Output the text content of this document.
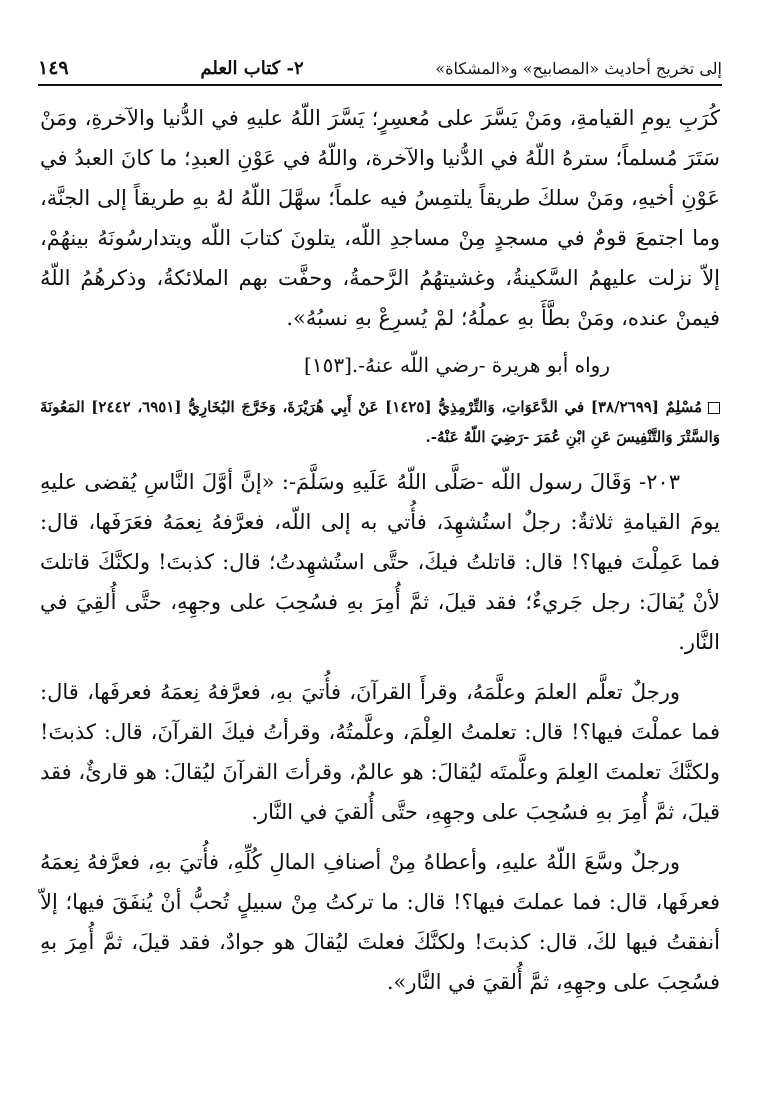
إلى تخريج أحاديث «المصابيح» و«المشكاة»
٢- كتاب العلم
١٤٩

كُرَبِ يومِ القيامةِ، ومَنْ يَسَّرَ على مُعسِرٍ؛ يَسَّرَ اللّهُ عليهِ في الدُّنيا والآخرةِ، ومَنْ سَتَرَ مُسلماً؛ سترهُ اللّهُ في الدُّنيا والآخرة، واللّهُ في عَوْنِ العبدِ؛ ما كانَ العبدُ في عَوْنِ أخيهِ، ومَنْ سلكَ طريقاً يلتمِسُ فيه علماً؛ سهَّلَ اللّهُ لهُ بهِ طريقاً إلى الجنَّة، وما اجتمعَ قومٌ في مسجدٍ مِنْ مساجدِ اللّه، يتلونَ كتابَ اللّه ويتدارسُونَهُ بينهُمْ، إلاّ نزلت عليهمُ السَّكينةُ، وغشيتهُمُ الرَّحمةُ، وحفَّت بهم الملائكةُ، وذكرهُمُ اللّهُ فيمنْ عنده، ومَنْ بطَّأَ بهِ عملُهُ؛ لمْ يُسرِعْ بهِ نسبُهُ».

رواه أبو هريرة -رضي اللّه عنهُ-.[١٥٣]

مُسْلِمٌ [٣٨/٢٦٩٩] في الدَّعَوَاتِ، وَالتِّرْمِذِيُّ [١٤٢٥] عَنْ أَبِي هُرَيْرَةَ، وَخَرَّجَ البُخَارِيُّ [٦٩٥١، ٢٤٤٢] المَعُونَةَ وَالسَّتْرَ وَالتَّنْفِيسَ عَنِ ابْنِ عُمَرَ -رَضِيَ اللّهُ عَنْهُ-.

٢٠٣- وَقَالَ رسول اللّه -صَلَّى اللّهُ عَلَيهِ وسَلَّمَ-: «إنَّ أوَّلَ النَّاسِ يُقضى عليهِ يومَ القيامةِ ثلاثةٌ: رجلٌ استُشهِدَ، فأُتي به إلى اللّه، فعرَّفهُ نِعمَهُ فعَرَفَها، قال: فما عَمِلْتَ فيها؟! قال: قاتلتُ فيكَ، حتَّى استُشهِدتُ؛ قال: كذبتَ! ولكنَّكَ قاتلتَ لأنْ يُقالَ: رجل جَريءٌ؛ فقد قيلَ، ثمَّ أُمِرَ بهِ فسُحِبَ على وجهِهِ، حتَّى أُلقِيَ في النَّار.

ورجلٌ تعلَّم العلمَ وعلَّمَهُ، وقرأَ القرآنَ، فأُتيَ بهِ، فعرَّفهُ نِعمَهُ فعرفَها، قال: فما عملْتَ فيها؟! قال: تعلمتُ العِلْمَ، وعلَّمتُهُ، وقرأتُ فيكَ القرآنَ، قال: كذبتَ! ولكنَّكَ تعلمتَ العِلمَ وعلَّمتَه ليُقالَ: هو عالمٌ، وقرأتَ القرآنَ ليُقالَ: هو قارئٌ، فقد قيلَ، ثمَّ أُمِرَ بهِ فسُحِبَ على وجهِهِ، حتَّى أُلقيَ في النَّار.

ورجلٌ وسَّعَ اللّهُ عليهِ، وأعطاهُ مِنْ أصنافِ المالِ كُلِّهِ، فأُتيَ بهِ، فعرَّفهُ نِعمَهُ فعرفَها، قال: فما عملتَ فيها؟! قال: ما تركتُ مِنْ سبيلٍ تُحبُّ أنْ يُنفَقَ فيها؛ إلاّ أنفقتُ فيها لكَ، قال: كذبتَ! ولكنَّكَ فعلتَ ليُقالَ هو جوادٌ، فقد قيلَ، ثمَّ أُمِرَ بهِ فسُحِبَ على وجهِهِ، ثمَّ أُلقيَ في النَّار».
